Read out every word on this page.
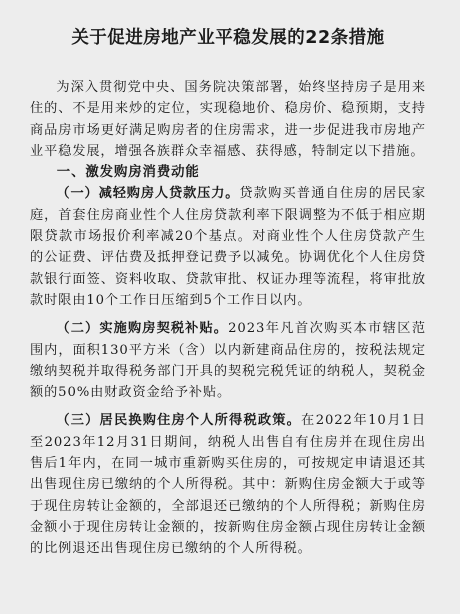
关于促进房地产业平稳发展的22条措施

为深入贯彻党中央、国务院决策部署，始终坚持房子是用来住的、不是用来炒的定位，实现稳地价、稳房价、稳预期，支持商品房市场更好满足购房者的住房需求，进一步促进我市房地产业平稳发展，增强各族群众幸福感、获得感，特制定以下措施。

一、激发购房消费动能

（一）减轻购房人贷款压力。贷款购买普通自住房的居民家庭，首套住房商业性个人住房贷款利率下限调整为不低于相应期限贷款市场报价利率减20个基点。对商业性个人住房贷款产生的公证费、评估费及抵押登记费予以减免。协调优化个人住房贷款银行面签、资料收取、贷款审批、权证办理等流程，将审批放款时限由10个工作日压缩到5个工作日以内。

（二）实施购房契税补贴。2023年凡首次购买本市辖区范围内，面积130平方米（含）以内新建商品住房的，按税法规定缴纳契税并取得税务部门开具的契税完税凭证的纳税人，契税金额的50%由财政资金给予补贴。

（三）居民换购住房个人所得税政策。在2022年10月1日至2023年12月31日期间，纳税人出售自有住房并在现住房出售后1年内，在同一城市重新购买住房的，可按规定申请退还其出售现住房已缴纳的个人所得税。其中：新购住房金额大于或等于现住房转让金额的，全部退还已缴纳的个人所得税；新购住房金额小于现住房转让金额的，按新购住房金额占现住房转让金额的比例退还出售现住房已缴纳的个人所得税。
